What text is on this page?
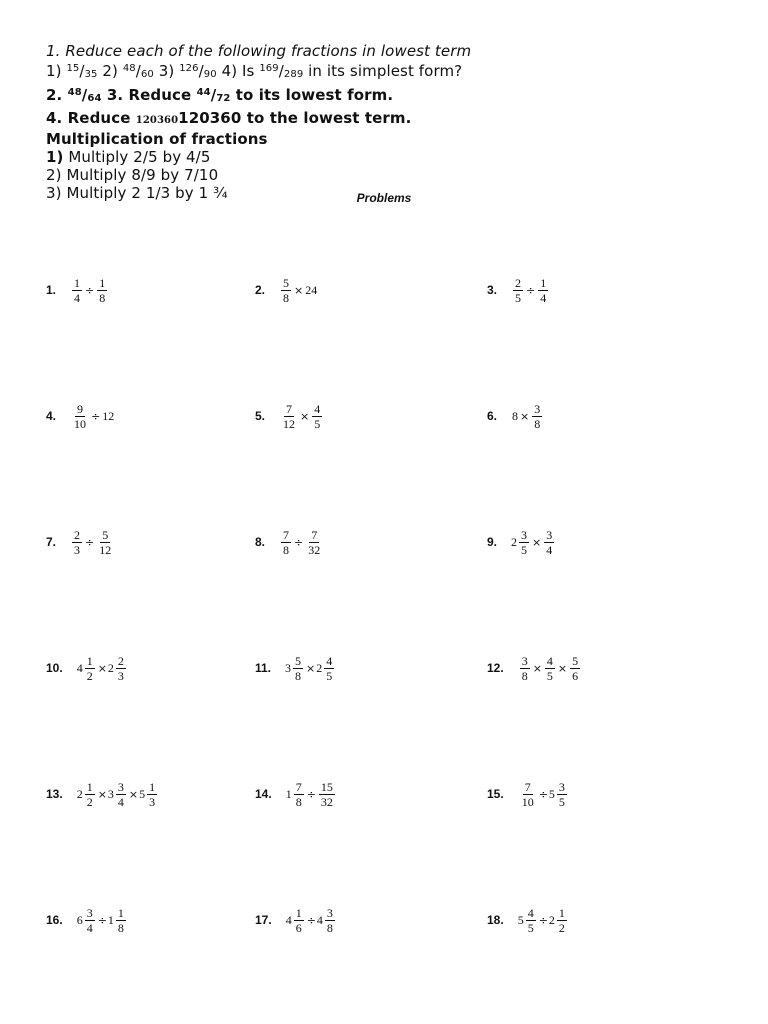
1. Reduce each of the following fractions in lowest term
1) $^{15}$/35 2) $^{48}$/60 3) $^{126}$/90 4) Is $^{169}$/289 in its simplest form?
2. $^{48}$/64 3. Reduce $^{44}$/72 to its lowest form.
4. Reduce 120360120360 to the lowest term.
Multiplication of fractions
1) Multiply 2/5 by 4/5
2) Multiply 8/9 by 7/10
3) Multiply 2 1/3 by 1 ¾	Problems
1. $\frac{1}{4} \div \frac{1}{8}$	2. $\frac{5}{8} \times 24$	3. $\frac{2}{5} \div \frac{1}{4}$
4. $\frac{9}{10} \div 12$	5. $\frac{7}{12} \times \frac{4}{5}$	6. $8 \times \frac{3}{8}$
7. $\frac{2}{3} \div \frac{5}{12}$	8. $\frac{7}{8} \div \frac{7}{32}$	9. $2 \frac{3}{5} \times \frac{3}{4}$
10. $4 \frac{1}{2} \times 2 \frac{2}{3}$	11. $3 \frac{5}{8} \times 2 \frac{4}{5}$	12. $\frac{3}{8} \times \frac{4}{5} \times \frac{5}{6}$
13. $2 \frac{1}{2} \times 3 \frac{3}{4} \times 5 \frac{1}{3}$	14. $1 \frac{7}{8} \div \frac{15}{32}$	15. $\frac{7}{10} \div 5 \frac{3}{5}$
16. $6 \frac{3}{4} \div 1 \frac{1}{8}$	17. $4 \frac{1}{6} \div 4 \frac{3}{8}$	18. $5 \frac{4}{5} \div 2 \frac{1}{2}$
